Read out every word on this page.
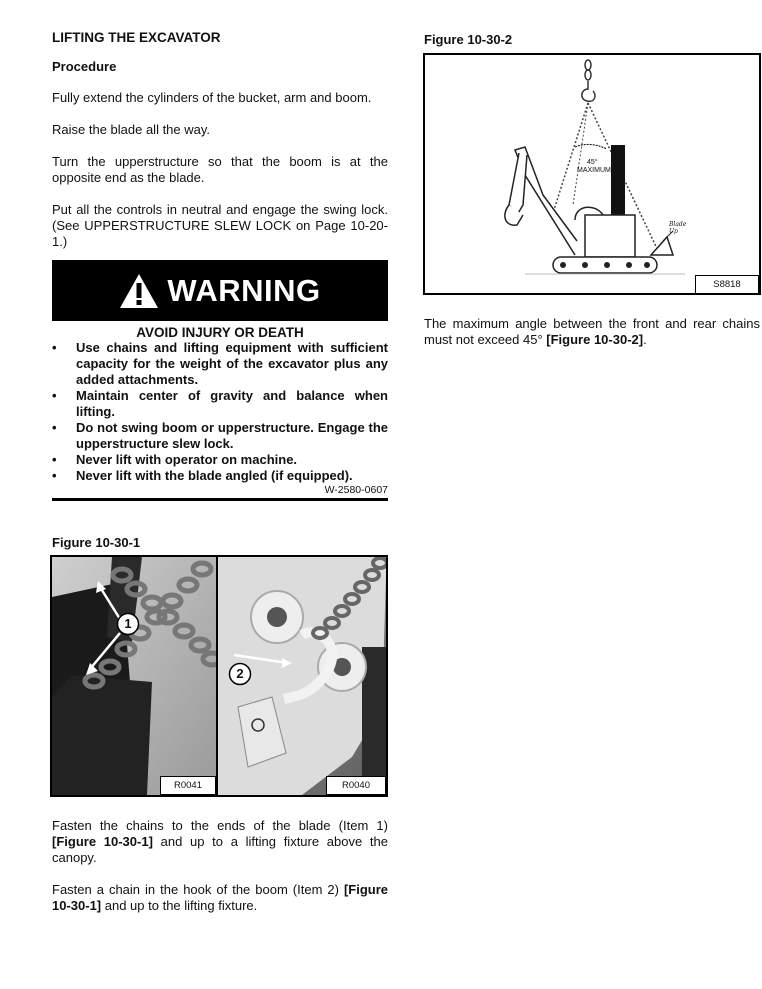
LIFTING THE EXCAVATOR
Procedure

Fully extend the cylinders of the bucket, arm and boom.

Raise the blade all the way.

Turn the upperstructure so that the boom is at the opposite end as the blade.

Put all the controls in neutral and engage the swing lock. (See UPPERSTRUCTURE SLEW LOCK on Page 10-20-1.)

WARNING
AVOID INJURY OR DEATH
• Use chains and lifting equipment with sufficient capacity for the weight of the excavator plus any added attachments.
• Maintain center of gravity and balance when lifting.
• Do not swing boom or upperstructure. Engage the upperstructure slew lock.
• Never lift with operator on machine.
• Never lift with the blade angled (if equipped).
W-2580-0607
Figure 10-30-1
1
2
R0041	R0040

Fasten the chains to the ends of the blade (Item 1) [Figure 10-30-1] and up to a lifting fixture above the canopy.

Fasten a chain in the hook of the boom (Item 2) [Figure 10-30-1] and up to the lifting fixture.

Figure 10-30-2
45°
MAXIMUM
Blade Up
S8818

The maximum angle between the front and rear chains must not exceed 45° [Figure 10-30-2].
